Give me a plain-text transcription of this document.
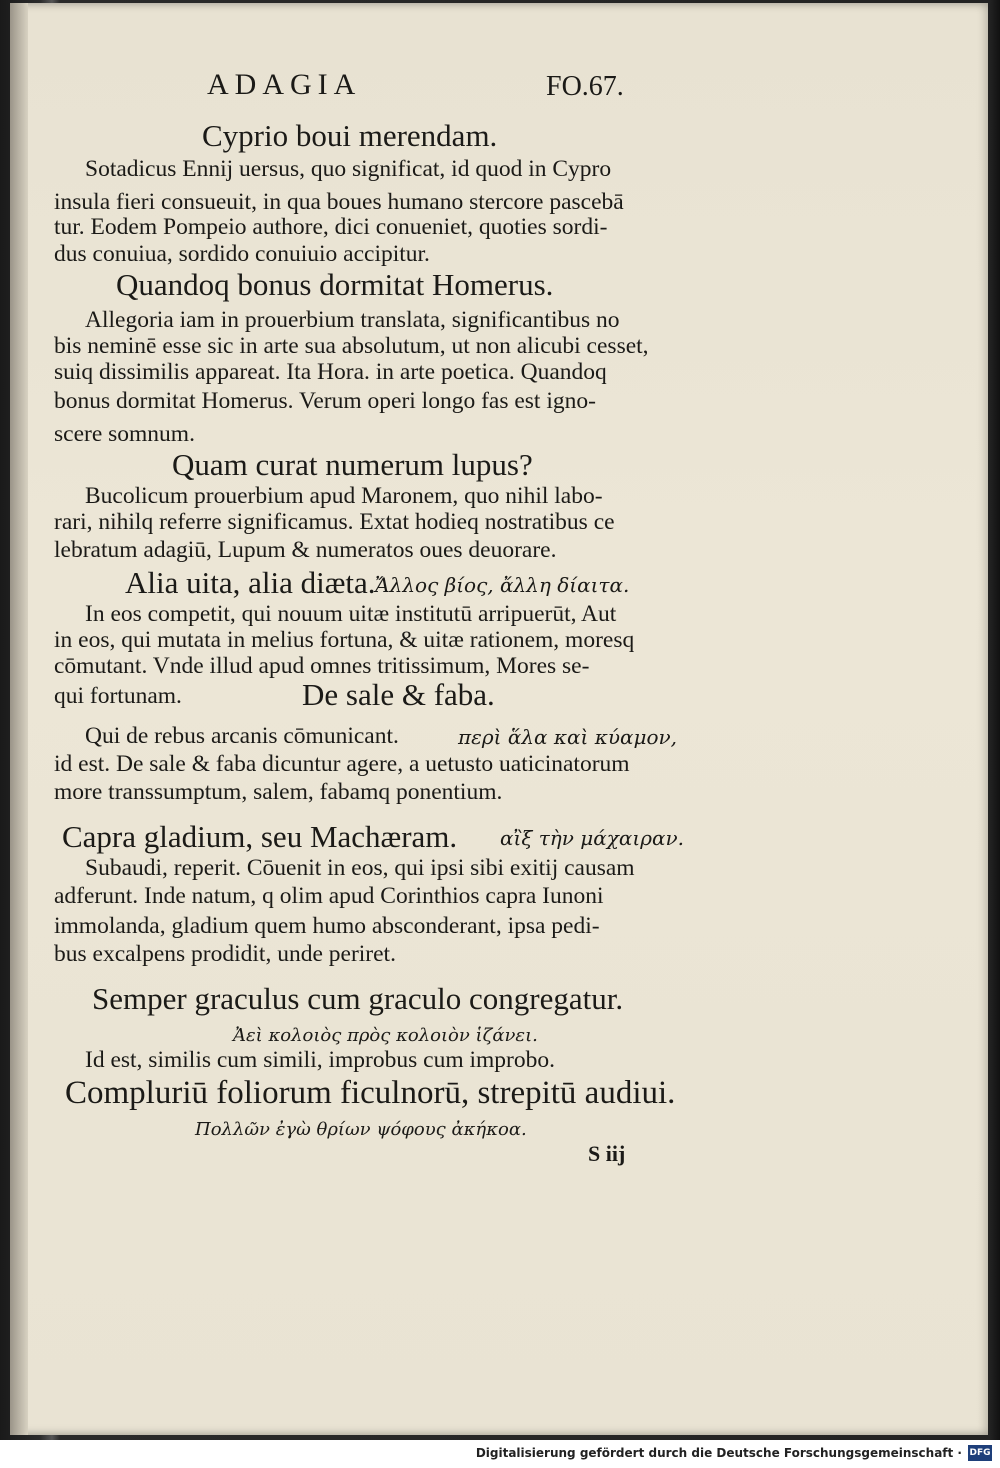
ADAGIA	FO.67.
Cyprio boui merendam.
Sotadicus Ennij uersus, quo significat, id quod in Cypro
insula fieri consueuit, in qua boues humano stercore pascebā
tur. Eodem Pompeio authore, dici conueniet, quoties sordi-
dus conuiua, sordido conuiuio accipitur.
Quandoq bonus dormitat Homerus.
Allegoria iam in prouerbium translata, significantibus no
bis neminē esse sic in arte sua absolutum, ut non alicubi cesset,
suiq dissimilis appareat. Ita Hora. in arte poetica. Quandoq
bonus dormitat Homerus. Verum operi longo fas est igno-
scere somnum.
Quam curat numerum lupus?
Bucolicum prouerbium apud Maronem, quo nihil labo-
rari, nihilq referre significamus. Extat hodieq nostratibus ce
lebratum adagiū, Lupum & numeratos oues deuorare.
Alia uita, alia diæta. Ἄλλος βίος, ἄλλη δίαιτα.
In eos competit, qui nouum uitæ institutū arripuerūt, Aut
in eos, qui mutata in melius fortuna, & uitæ rationem, moresq
cōmutant. Vnde illud apud omnes tritissimum, Mores se-
qui fortunam.	De sale & faba.
Qui de rebus arcanis cōmunicant.	περὶ ἅλα καὶ κύαμον,
id est. De sale & faba dicuntur agere, a uetusto uaticinatorum
more transsumptum, salem, fabamq ponentium.
Capra gladium, seu Machæram. αἲξ τὴν μάχαιραν.
Subaudi, reperit. Cōuenit in eos, qui ipsi sibi exitij causam
adferunt. Inde natum, q olim apud Corinthios capra Iunoni
immolanda, gladium quem humo absconderant, ipsa pedi-
bus excalpens prodidit, unde periret.
Semper graculus cum graculo congregatur.
Ἀεὶ κολοιὸς πρὸς κολοιὸν ἱζάνει.
Id est, similis cum simili, improbus cum improbo.
Compluriū foliorum ficulnorū, strepitū audiui.
Πολλῶν ἐγὼ θρίων ψόφους ἀκήκοα.
S iij
Digitalisierung gefördert durch die Deutsche Forschungsgemeinschaft · DFG
